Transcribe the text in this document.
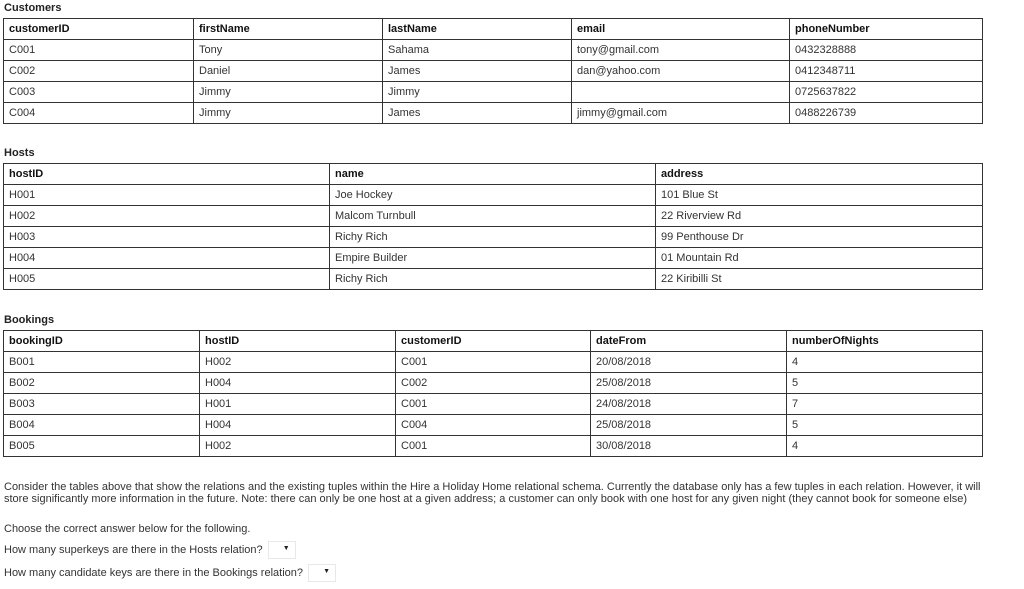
Customers
customerID	firstName	lastName	email	phoneNumber
C001	Tony	Sahama	tony@gmail.com	0432328888
C002	Daniel	James	dan@yahoo.com	0412348711
C003	Jimmy	Jimmy		0725637822
C004	Jimmy	James	jimmy@gmail.com	0488226739
Hosts
hostID	name	address
H001	Joe Hockey	101 Blue St
H002	Malcom Turnbull	22 Riverview Rd
H003	Richy Rich	99 Penthouse Dr
H004	Empire Builder	01 Mountain Rd
H005	Richy Rich	22 Kiribilli St
Bookings
bookingID	hostID	customerID	dateFrom	numberOfNights
B001	H002	C001	20/08/2018	4
B002	H004	C002	25/08/2018	5
B003	H001	C001	24/08/2018	7
B004	H004	C004	25/08/2018	5
B005	H002	C001	30/08/2018	4
Consider the tables above that show the relations and the existing tuples within the Hire a Holiday Home relational schema. Currently the database only has a few tuples in each relation. However, it will store significantly more information in the future. Note: there can only be one host at a given address; a customer can only book with one host for any given night (they cannot book for someone else)
Choose the correct answer below for the following.
How many superkeys are there in the Hosts relation?	▼
How many candidate keys are there in the Bookings relation?	▼
